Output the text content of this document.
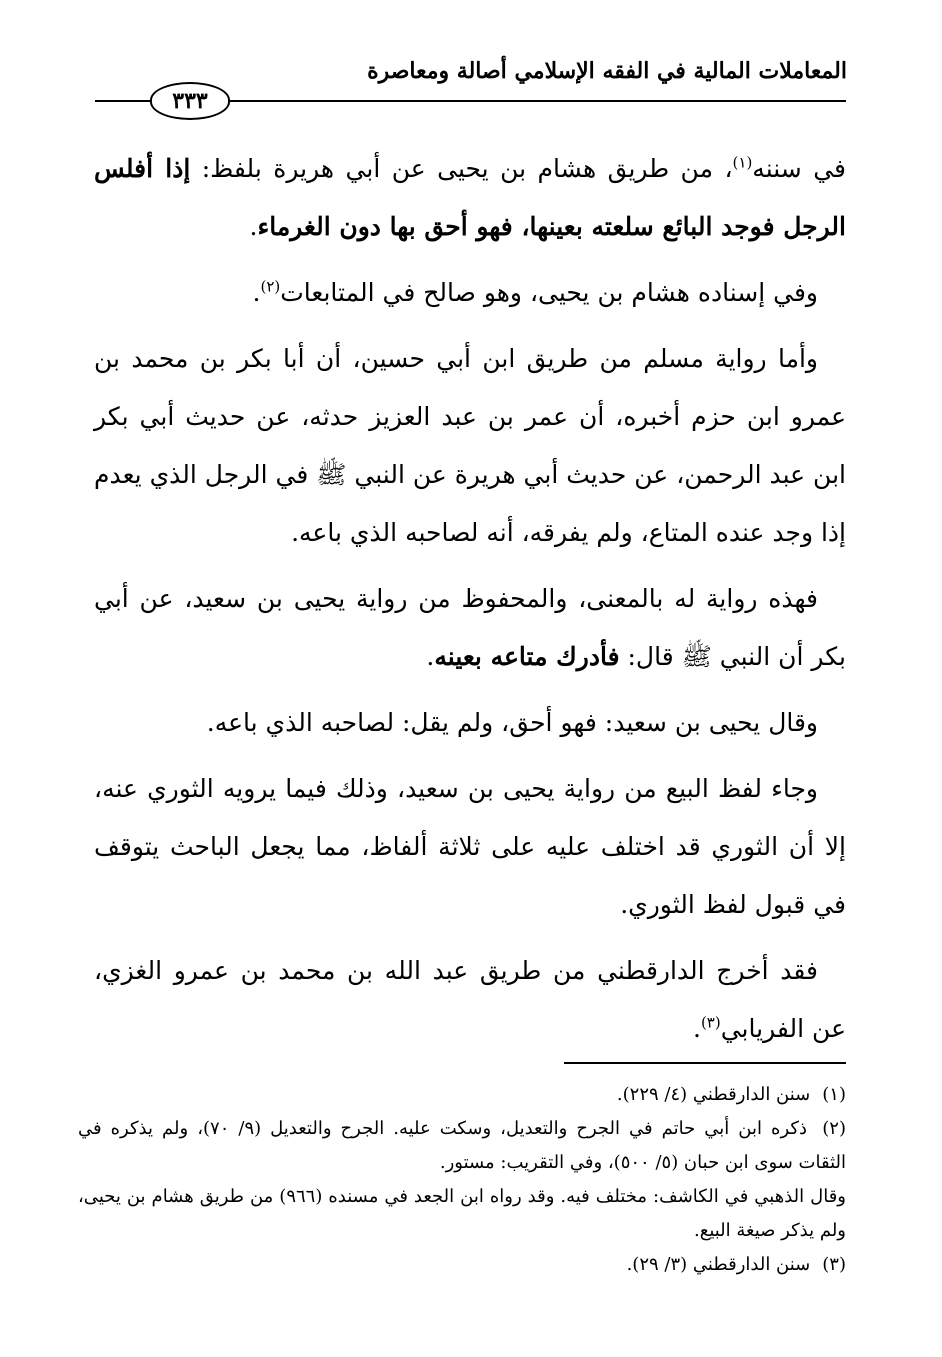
المعاملات المالية في الفقه الإسلامي أصالة ومعاصرة
٣٣٣

في سننه$^{(١)}$، من طريق هشام بن يحيى عن أبي هريرة بلفظ: إذا أفلس الرجل فوجد البائع سلعته بعينها، فهو أحق بها دون الغرماء.

وفي إسناده هشام بن يحيى، وهو صالح في المتابعات$^{(٢)}$.

وأما رواية مسلم من طريق ابن أبي حسين، أن أبا بكر بن محمد بن عمرو ابن حزم أخبره، أن عمر بن عبد العزيز حدثه، عن حديث أبي بكر ابن عبد الرحمن، عن حديث أبي هريرة عن النبي ﷺ في الرجل الذي يعدم إذا وجد عنده المتاع، ولم يفرقه، أنه لصاحبه الذي باعه.

فهذه رواية له بالمعنى، والمحفوظ من رواية يحيى بن سعيد، عن أبي بكر أن النبي ﷺ قال: فأدرك متاعه بعينه.

وقال يحيى بن سعيد: فهو أحق، ولم يقل: لصاحبه الذي باعه.

وجاء لفظ البيع من رواية يحيى بن سعيد، وذلك فيما يرويه الثوري عنه، إلا أن الثوري قد اختلف عليه على ثلاثة ألفاظ، مما يجعل الباحث يتوقف في قبول لفظ الثوري.

فقد أخرج الدارقطني من طريق عبد الله بن محمد بن عمرو الغزي، عن الفريابي$^{(٣)}$.

(١) سنن الدارقطني (٤/ ٢٢٩).

(٢) ذكره ابن أبي حاتم في الجرح والتعديل، وسكت عليه. الجرح والتعديل (٩/ ٧٠)، ولم يذكره في الثقات سوى ابن حبان (٥/ ٥٠٠)، وفي التقريب: مستور.

وقال الذهبي في الكاشف: مختلف فيه. وقد رواه ابن الجعد في مسنده (٩٦٦) من طريق هشام بن يحيى، ولم يذكر صيغة البيع.

(٣) سنن الدارقطني (٣/ ٢٩).
